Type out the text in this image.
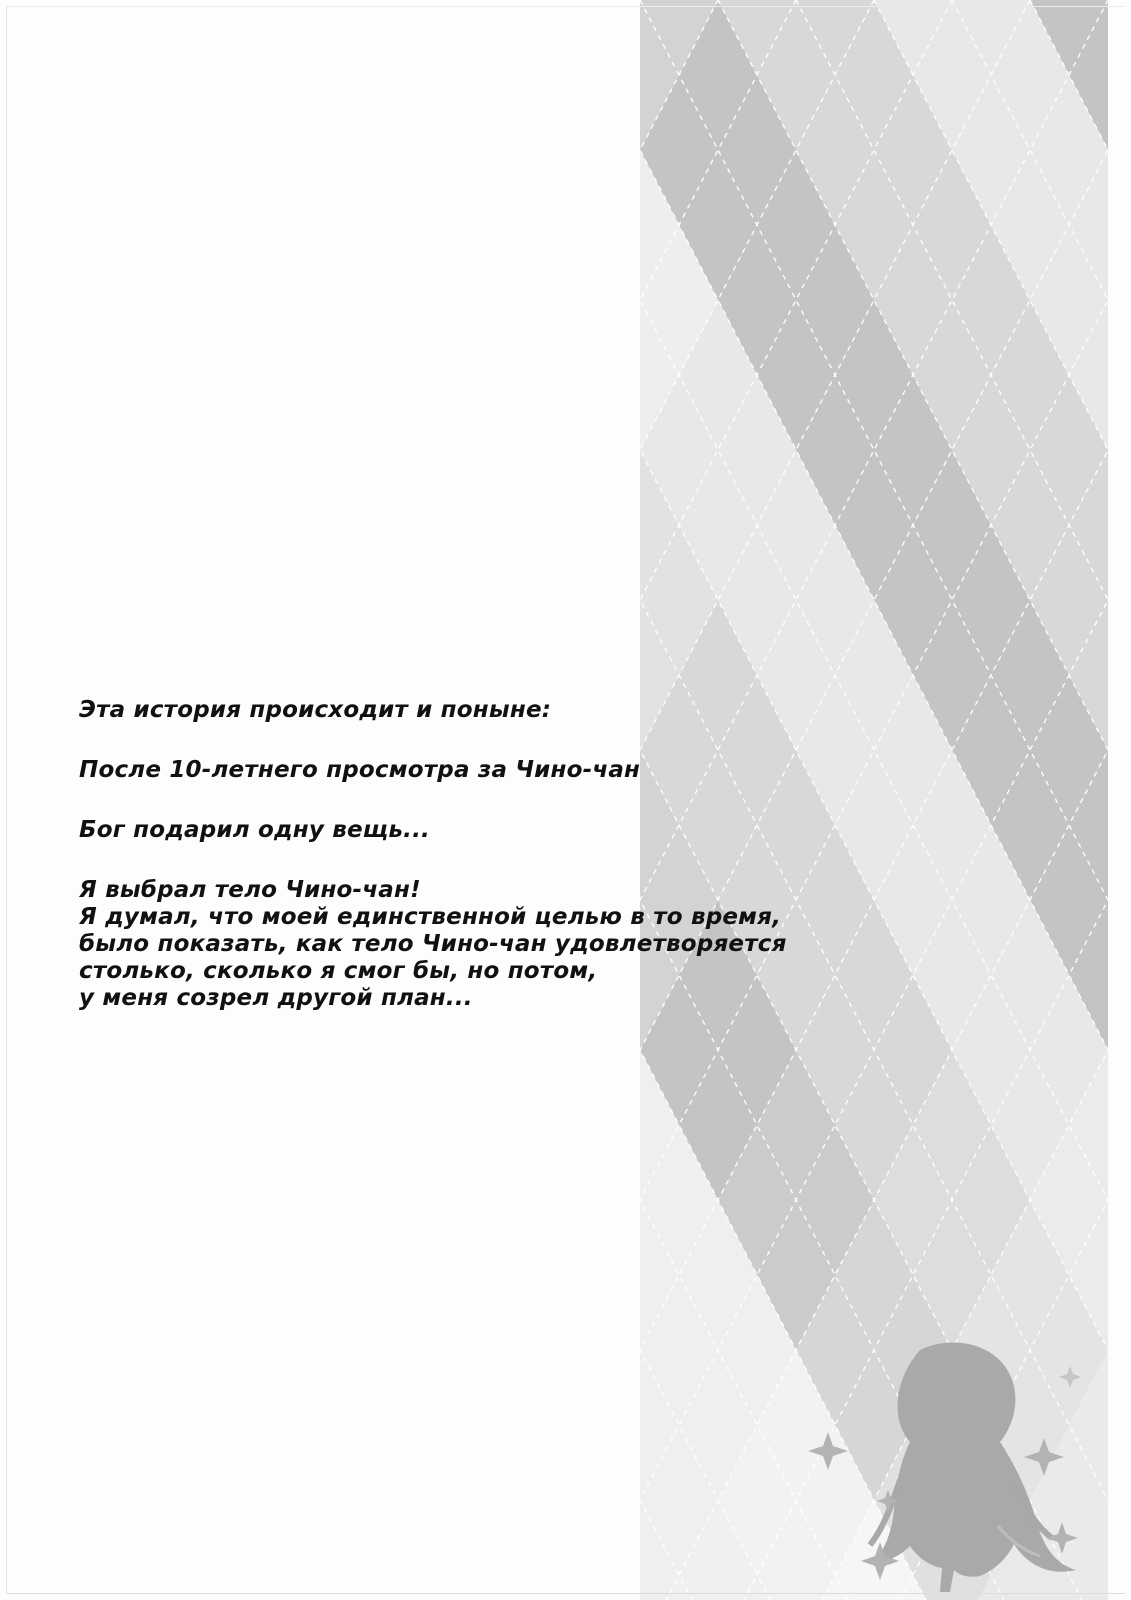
Эта история происходит и поныне:

После 10-летнего просмотра за Чино-чан

Бог подарил одну вещь...

Я выбрал тело Чино-чан!

Я думал, что моей единственной целью в то время,

было показать, как тело Чино-чан удовлетворяется

столько, сколько я смог бы, но потом,

у меня созрел другой план...
